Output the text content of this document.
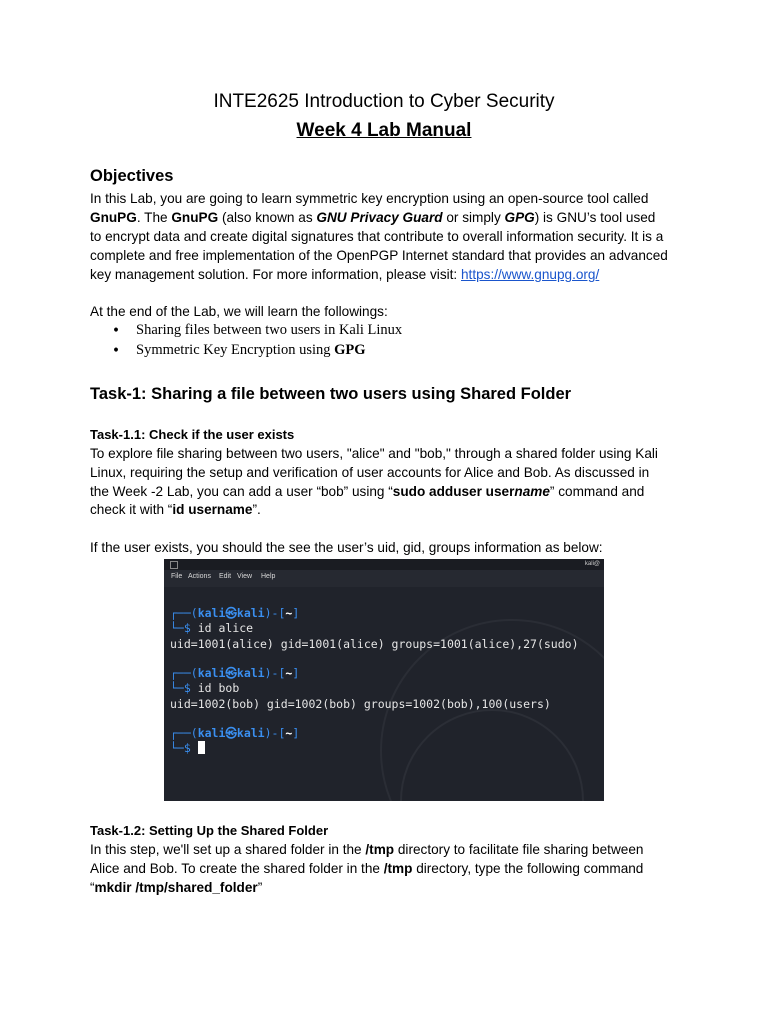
INTE2625 Introduction to Cyber Security
Week 4 Lab Manual
Objectives
In this Lab, you are going to learn symmetric key encryption using an open-source tool called
GnuPG. The GnuPG (also known as GNU Privacy Guard or simply GPG) is GNU’s tool used
to encrypt data and create digital signatures that contribute to overall information security. It is a
complete and free implementation of the OpenPGP Internet standard that provides an advanced
key management solution. For more information, please visit: https://www.gnupg.org/
At the end of the Lab, we will learn the followings:
• Sharing files between two users in Kali Linux
• Symmetric Key Encryption using GPG
Task-1: Sharing a file between two users using Shared Folder
Task-1.1: Check if the user exists
To explore file sharing between two users, "alice" and "bob," through a shared folder using Kali
Linux, requiring the setup and verification of user accounts for Alice and Bob. As discussed in
the Week -2 Lab, you can add a user “bob” using “sudo adduser username” command and
check it with “id username”.
If the user exists, you should the see the user’s uid, gid, groups information as below:
kali@
File Actions Edit View Help
┌──(kali㉿kali)-[~]
└─$ id alice
uid=1001(alice) gid=1001(alice) groups=1001(alice),27(sudo)
┌──(kali㉿kali)-[~]
└─$ id bob
uid=1002(bob) gid=1002(bob) groups=1002(bob),100(users)
┌──(kali㉿kali)-[~]
└─$
Task-1.2: Setting Up the Shared Folder
In this step, we'll set up a shared folder in the /tmp directory to facilitate file sharing between
Alice and Bob. To create the shared folder in the /tmp directory, type the following command
“mkdir /tmp/shared_folder”
